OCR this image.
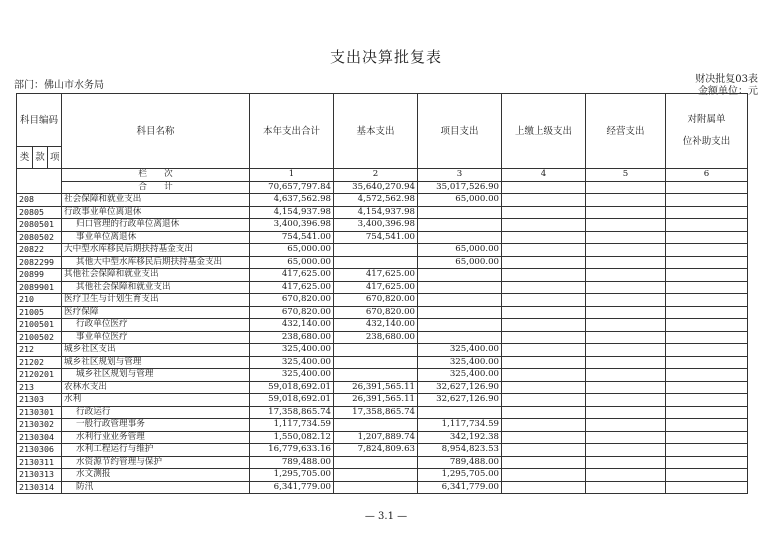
支出决算批复表
部门：佛山市水务局
财决批复03表
金额单位：元
科目编码			科目名称	本年支出合计	基本支出	项目支出	上缴上级支出	经营支出	对附属单
位补助支出

类	款	项							
			栏　　次	1	2	3	4	5	6
			合　　计	70,657,797.84	35,640,270.94	35,017,526.90			
208			社会保障和就业支出	4,637,562.98	4,572,562.98	65,000.00			
20805			行政事业单位离退休	4,154,937.98	4,154,937.98				
2080501			归口管理的行政单位离退休	3,400,396.98	3,400,396.98				
2080502			事业单位离退休	754,541.00	754,541.00				
20822			大中型水库移民后期扶持基金支出	65,000.00		65,000.00			
2082299			其他大中型水库移民后期扶持基金支出	65,000.00		65,000.00			
20899			其他社会保障和就业支出	417,625.00	417,625.00				
2089901			其他社会保障和就业支出	417,625.00	417,625.00				
210			医疗卫生与计划生育支出	670,820.00	670,820.00				
21005			医疗保障	670,820.00	670,820.00				
2100501			行政单位医疗	432,140.00	432,140.00				
2100502			事业单位医疗	238,680.00	238,680.00				
212			城乡社区支出	325,400.00		325,400.00			
21202			城乡社区规划与管理	325,400.00		325,400.00			
2120201			城乡社区规划与管理	325,400.00		325,400.00			
213			农林水支出	59,018,692.01	26,391,565.11	32,627,126.90			
21303			水利	59,018,692.01	26,391,565.11	32,627,126.90			
2130301			行政运行	17,358,865.74	17,358,865.74				
2130302			一般行政管理事务	1,117,734.59		1,117,734.59			
2130304			水利行业业务管理	1,550,082.12	1,207,889.74	342,192.38			
2130306			水利工程运行与维护	16,779,633.16	7,824,809.63	8,954,823.53			
2130311			水资源节约管理与保护	789,488.00		789,488.00			
2130313			水文测报	1,295,705.00		1,295,705.00			
2130314			防汛	6,341,779.00		6,341,779.00			
— 3.1 —
